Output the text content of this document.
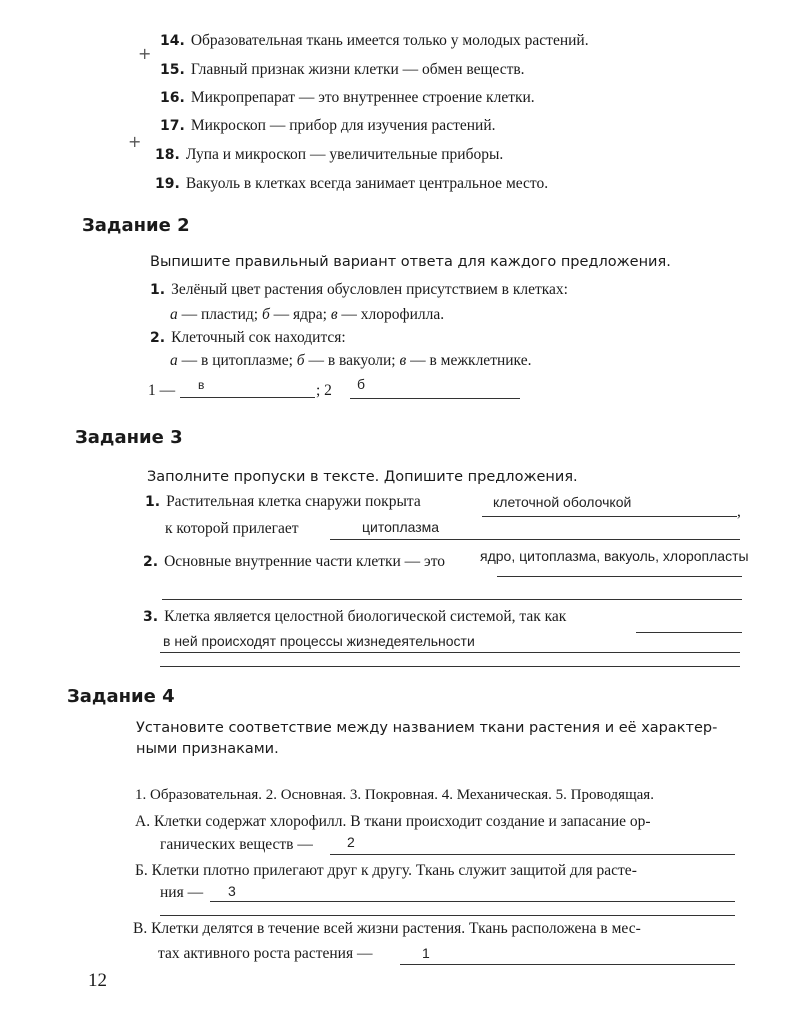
14. Образовательная ткань имеется только у молодых растений.
+
15. Главный признак жизни клетки — обмен веществ.
16. Микропрепарат — это внутреннее строение клетки.
17. Микроскоп — прибор для изучения растений.
+
18. Лупа и микроскоп — увеличительные приборы.
19. Вакуоль в клетках всегда занимает центральное место.
Задание 2
Выпишите правильный вариант ответа для каждого предложения.
1. Зелёный цвет растения обусловлен присутствием в клетках:
а — пластид; б — ядра; в — хлорофилла.
2. Клеточный сок находится:
а — в цитоплазме; б — в вакуоли; в — в межклетнике.
1 — в	; 2 б
Задание 3
Заполните пропуски в тексте. Допишите предложения.
1. Растительная клетка снаружи покрыта	клеточной оболочкой
,
к которой прилегает	цитоплазма
2. Основные внутренние части клетки — это ядро, цитоплазма, вакуоль, хлоропласты
3. Клетка является целостной биологической системой, так как
в ней происходят процессы жизнедеятельности
Задание 4
Установите соответствие между названием ткани растения и её характер-
ными признаками.
1. Образовательная. 2. Основная. 3. Покровная. 4. Механическая. 5. Проводящая.
А. Клетки содержат хлорофилл. В ткани происходит создание и запасание ор-
ганических веществ — 2
Б. Клетки плотно прилегают друг к другу. Ткань служит защитой для расте-
ния — 3
В. Клетки делятся в течение всей жизни растения. Ткань расположена в мес-
тах активного роста растения —	1
12
